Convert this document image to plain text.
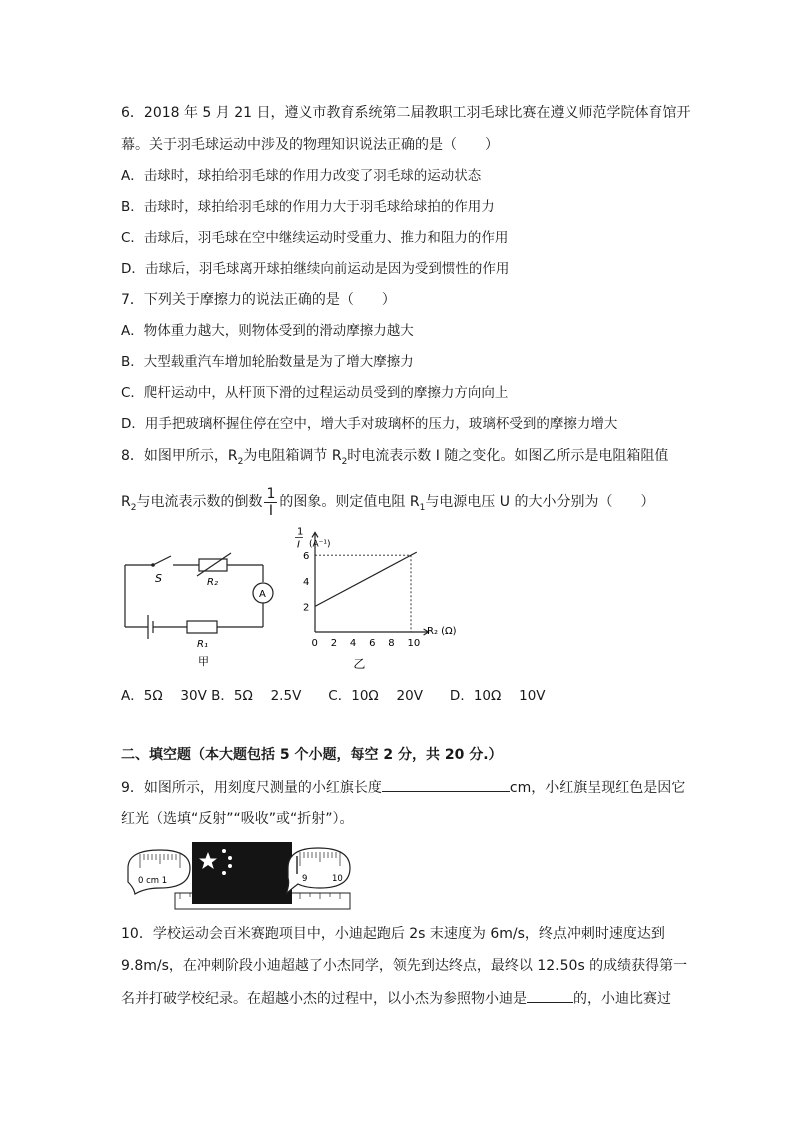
6．2018 年 5 月 21 日，遵义市教育系统第二届教职工羽毛球比赛在遵义师范学院体育馆开
幕。关于羽毛球运动中涉及的物理知识说法正确的是（　　）
A．击球时，球拍给羽毛球的作用力改变了羽毛球的运动状态
B．击球时，球拍给羽毛球的作用力大于羽毛球给球拍的作用力
C．击球后，羽毛球在空中继续运动时受重力、推力和阻力的作用
D．击球后，羽毛球离开球拍继续向前运动是因为受到惯性的作用
7．下列关于摩擦力的说法正确的是（　　）
A．物体重力越大，则物体受到的滑动摩擦力越大
B．大型载重汽车增加轮胎数量是为了增大摩擦力
C．爬杆运动中，从杆顶下滑的过程运动员受到的摩擦力方向向上
D．用手把玻璃杯握住停在空中，增大手对玻璃杯的压力，玻璃杯受到的摩擦力增大
8．如图甲所示，$R_2$为电阻箱调节 $R_2$时电流表示数 I 随之变化。如图乙所示是电阻箱阻值
$R_2$与电流表示数的倒数 $\frac{1}{I}$ 的图象。则定值电阻 $R_1$与电源电压 U 的大小分别为（　　）
S	R₂
A
R₁
甲
1
I (A⁻¹)
R₂ (Ω)
乙
0 2 4 6 8 10
2
4
6
A．5Ω　 30V B．5Ω　 2.5V　　C．10Ω　 20V　　D．10Ω　 10V
二、填空题（本大题包括 5 个小题，每空 2 分，共 20 分.）
9．如图所示，用刻度尺测量的小红旗长度	cm，小红旗呈现红色是因它
红光（选填“反射”“吸收”或“折射”）。
0 cm 1	9	10
10．学校运动会百米赛跑项目中，小迪起跑后 2s 末速度为 6m/s，终点冲刺时速度达到
9.8m/s，在冲刺阶段小迪超越了小杰同学，领先到达终点，最终以 12.50s 的成绩获得第一
名并打破学校纪录。在超越小杰的过程中，以小杰为参照物小迪是	的，小迪比赛过
